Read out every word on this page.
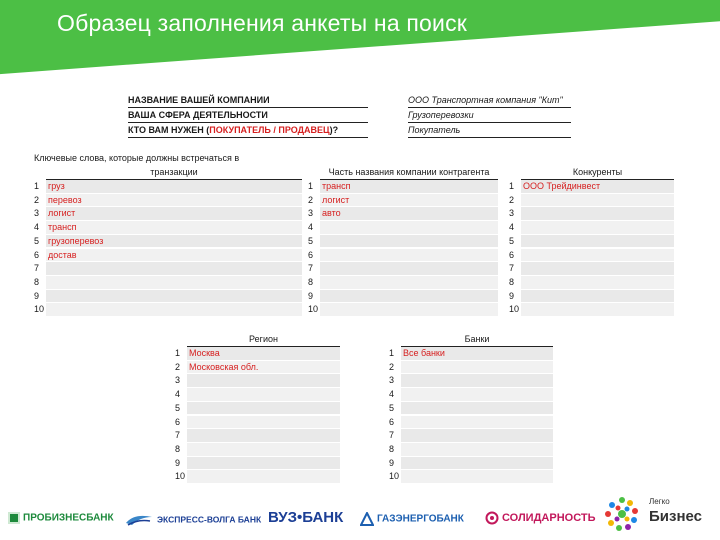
Образец заполнения анкеты на поиск
НАЗВАНИЕ ВАШЕЙ КОМПАНИИ	ООО Транспортная компания "Кит"
ВАША СФЕРА ДЕЯТЕЛЬНОСТИ	Грузоперевозки
КТО ВАМ НУЖЕН (ПОКУПАТЕЛЬ / ПРОДАВЕЦ)?	Покупатель
Ключевые слова, которые должны встречаться в
транзакции
1 груз
2 перевоз
3 логист
4 трансп
5 грузоперевоз
6 достав
7
8
9
10
Часть названия компании контрагента
1 трансп
2 логист
3 авто
4
5
6
7
8
9
10
Конкуренты
1 ООО Трейдинвест
2
3
4
5
6
7
8
9
10
Регион
1 Москва
2 Московская обл.
3
4
5
6
7
8
9
10
Банки
1 Все банки
2
3
4
5
6
7
8
9
10
ПРОБИЗНЕСБАНК	ЭКСПРЕСС-ВОЛГА БАНК ВУЗ•БАНК	ГАЗЭНЕРГОБАНК	СОЛИДАРНОСТЬ
Легко
Бизнес
